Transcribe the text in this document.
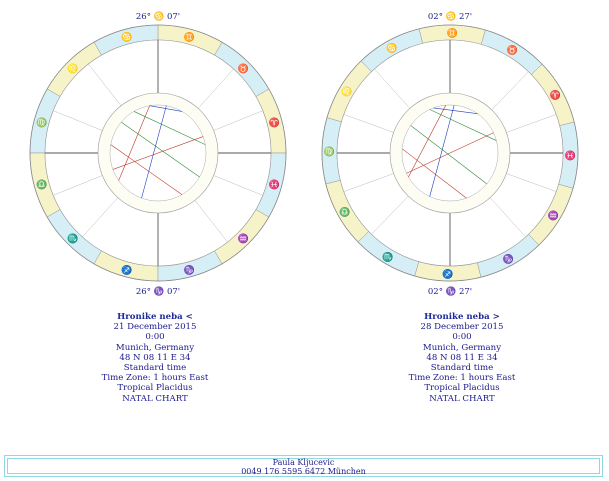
♈
♉
♊
♋
♌
♍
♎
♏
♐	♑
♒
♓
26° ♋ 07'
26° ♑ 07'
♈
♉
♊
♋
♌
♍
♎
♏
♐
♑
♒
♓
02° ♋ 27'
02° ♑ 27'
Hronike neba <
21 December 2015
0:00
Munich, Germany
48 N 08 11 E 34
Standard time
Time Zone: 1 hours East
Tropical Placidus
NATAL CHART
Hronike neba >
28 December 2015
0:00
Munich, Germany
48 N 08 11 E 34
Standard time
Time Zone: 1 hours East
Tropical Placidus
NATAL CHART
Paula Kljucevic
0049 176 5595 6472 München
